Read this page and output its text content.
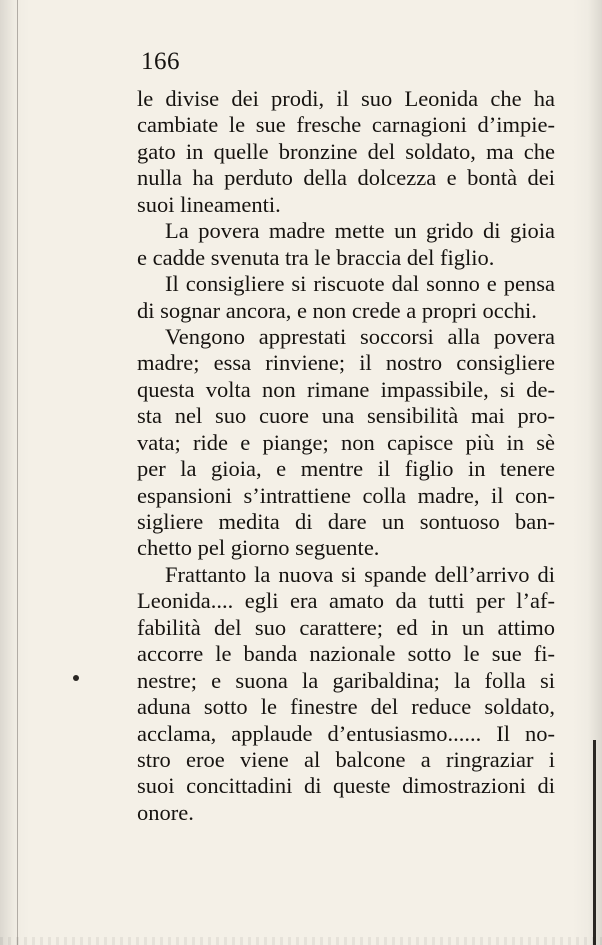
166
le divise dei prodi, il suo Leonida che ha
cambiate le sue fresche carnagioni d’impie-
gato in quelle bronzine del soldato, ma che
nulla ha perduto della dolcezza e bontà dei
suoi lineamenti.
La povera madre mette un grido di gioia
e cadde svenuta tra le braccia del figlio.
Il consigliere si riscuote dal sonno e pensa
di sognar ancora, e non crede a propri occhi.
Vengono apprestati soccorsi alla povera
madre; essa rinviene; il nostro consigliere
questa volta non rimane impassibile, si de-
sta nel suo cuore una sensibilità mai pro-
vata; ride e piange; non capisce più in sè
per la gioia, e mentre il figlio in tenere
espansioni s’intrattiene colla madre, il con-
sigliere medita di dare un sontuoso ban-
chetto pel giorno seguente.
Frattanto la nuova si spande dell’arrivo di
Leonida.... egli era amato da tutti per l’af-
fabilità del suo carattere; ed in un attimo
accorre le banda nazionale sotto le sue fi-
nestre; e suona la garibaldina; la folla si
aduna sotto le finestre del reduce soldato,
acclama, applaude d’entusiasmo...... Il no-
stro eroe viene al balcone a ringraziar i
suoi concittadini di queste dimostrazioni di
onore.
